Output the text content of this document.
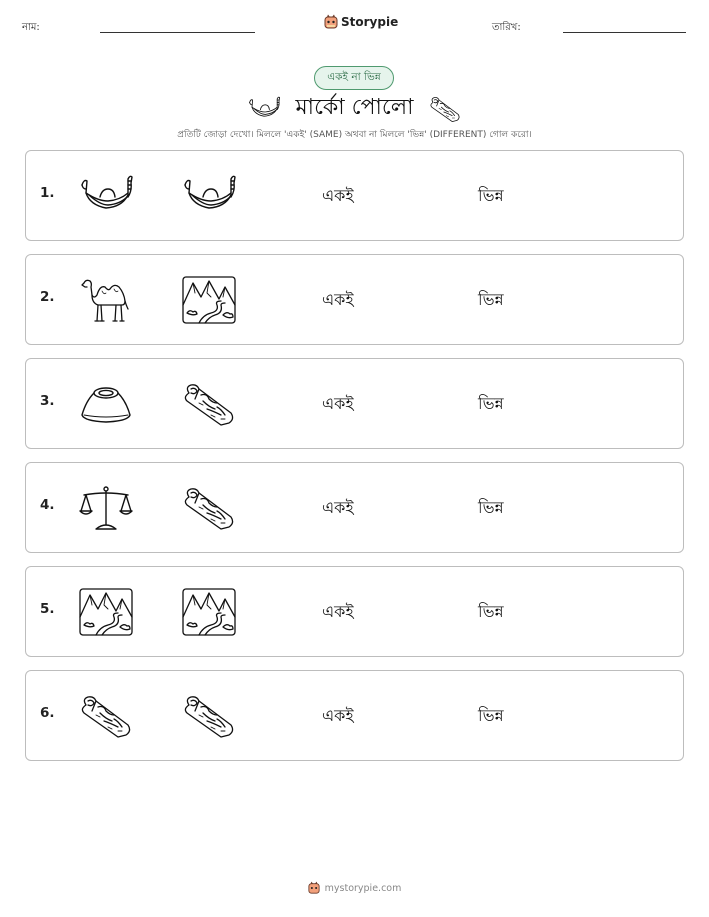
নাম:	Storypie	তারিখ:
একই না ভিন্ন
মার্কো পোলো
প্রতিটি জোড়া দেখো। মিললে 'একই' (SAME) অথবা না মিললে 'ভিন্ন' (DIFFERENT) গোল করো।
1.	একই	ভিন্ন
2.	একই	ভিন্ন
3.	একই	ভিন্ন
4.	একই	ভিন্ন
5.	একই	ভিন্ন
6.	একই	ভিন্ন
mystorypie.com
